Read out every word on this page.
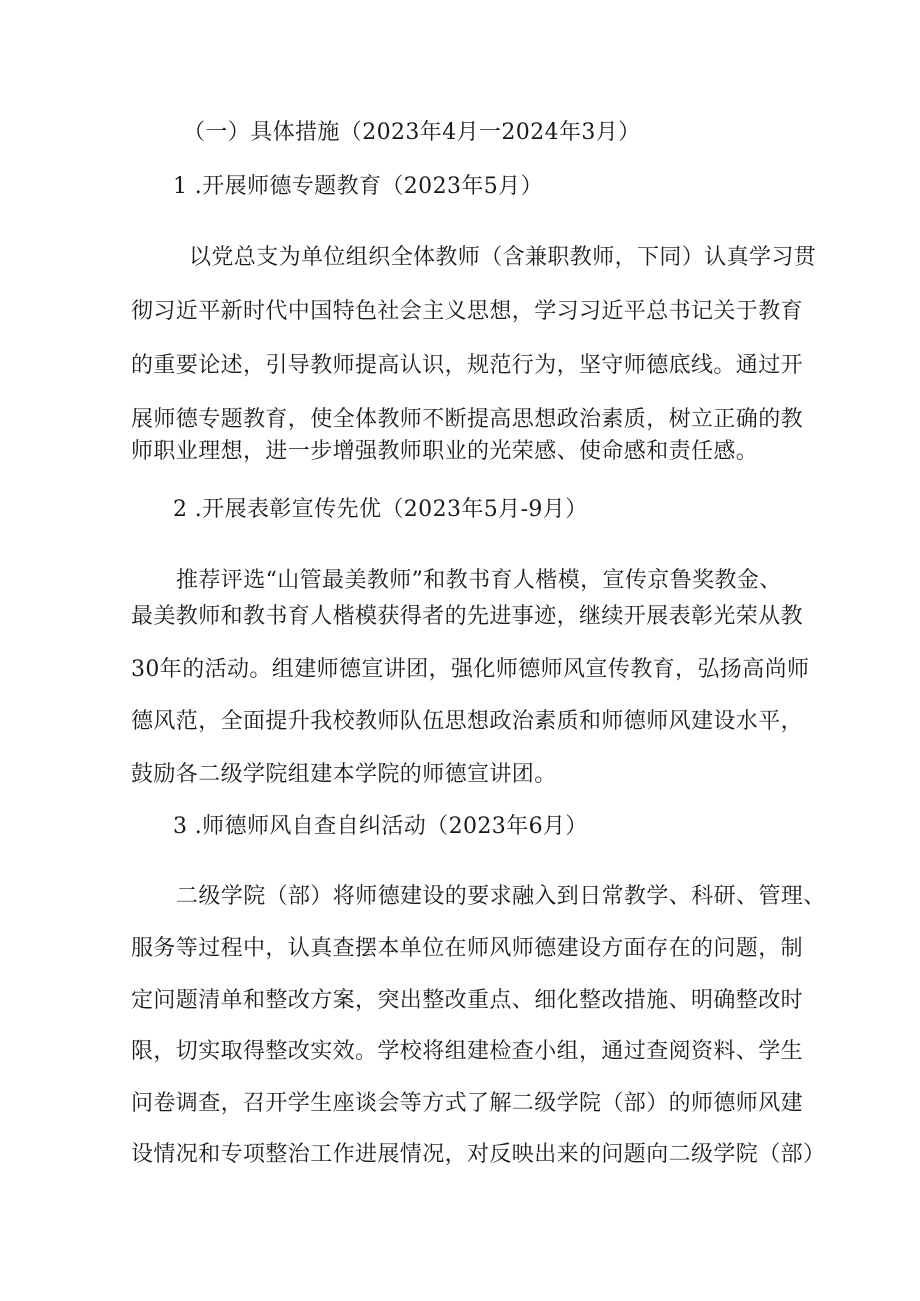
（一）具体措施（2023年4月一2024年3月）
1 .开展师德专题教育（2023年5月）
以党总支为单位组织全体教师（含兼职教师，下同）认真学习贯
彻习近平新时代中国特色社会主义思想，学习习近平总书记关于教育
的重要论述，引导教师提高认识，规范行为，坚守师德底线。通过开
展师德专题教育，使全体教师不断提高思想政治素质，树立正确的教
师职业理想，进一步增强教师职业的光荣感、使命感和责任感。
2 .开展表彰宣传先优（2023年5月-9月）
推荐评选“山管最美教师”和教书育人楷模，宣传京鲁奖教金、
最美教师和教书育人楷模获得者的先进事迹，继续开展表彰光荣从教
30年的活动。组建师德宣讲团，强化师德师风宣传教育，弘扬高尚师
德风范，全面提升我校教师队伍思想政治素质和师德师风建设水平，
鼓励各二级学院组建本学院的师德宣讲团。
3 .师德师风自查自纠活动（2023年6月）
二级学院（部）将师德建设的要求融入到日常教学、科研、管理、
服务等过程中，认真查摆本单位在师风师德建设方面存在的问题，制
定问题清单和整改方案，突出整改重点、细化整改措施、明确整改时
限，切实取得整改实效。学校将组建检查小组，通过查阅资料、学生
问卷调查，召开学生座谈会等方式了解二级学院（部）的师德师风建
设情况和专项整治工作进展情况，对反映出来的问题向二级学院（部）
